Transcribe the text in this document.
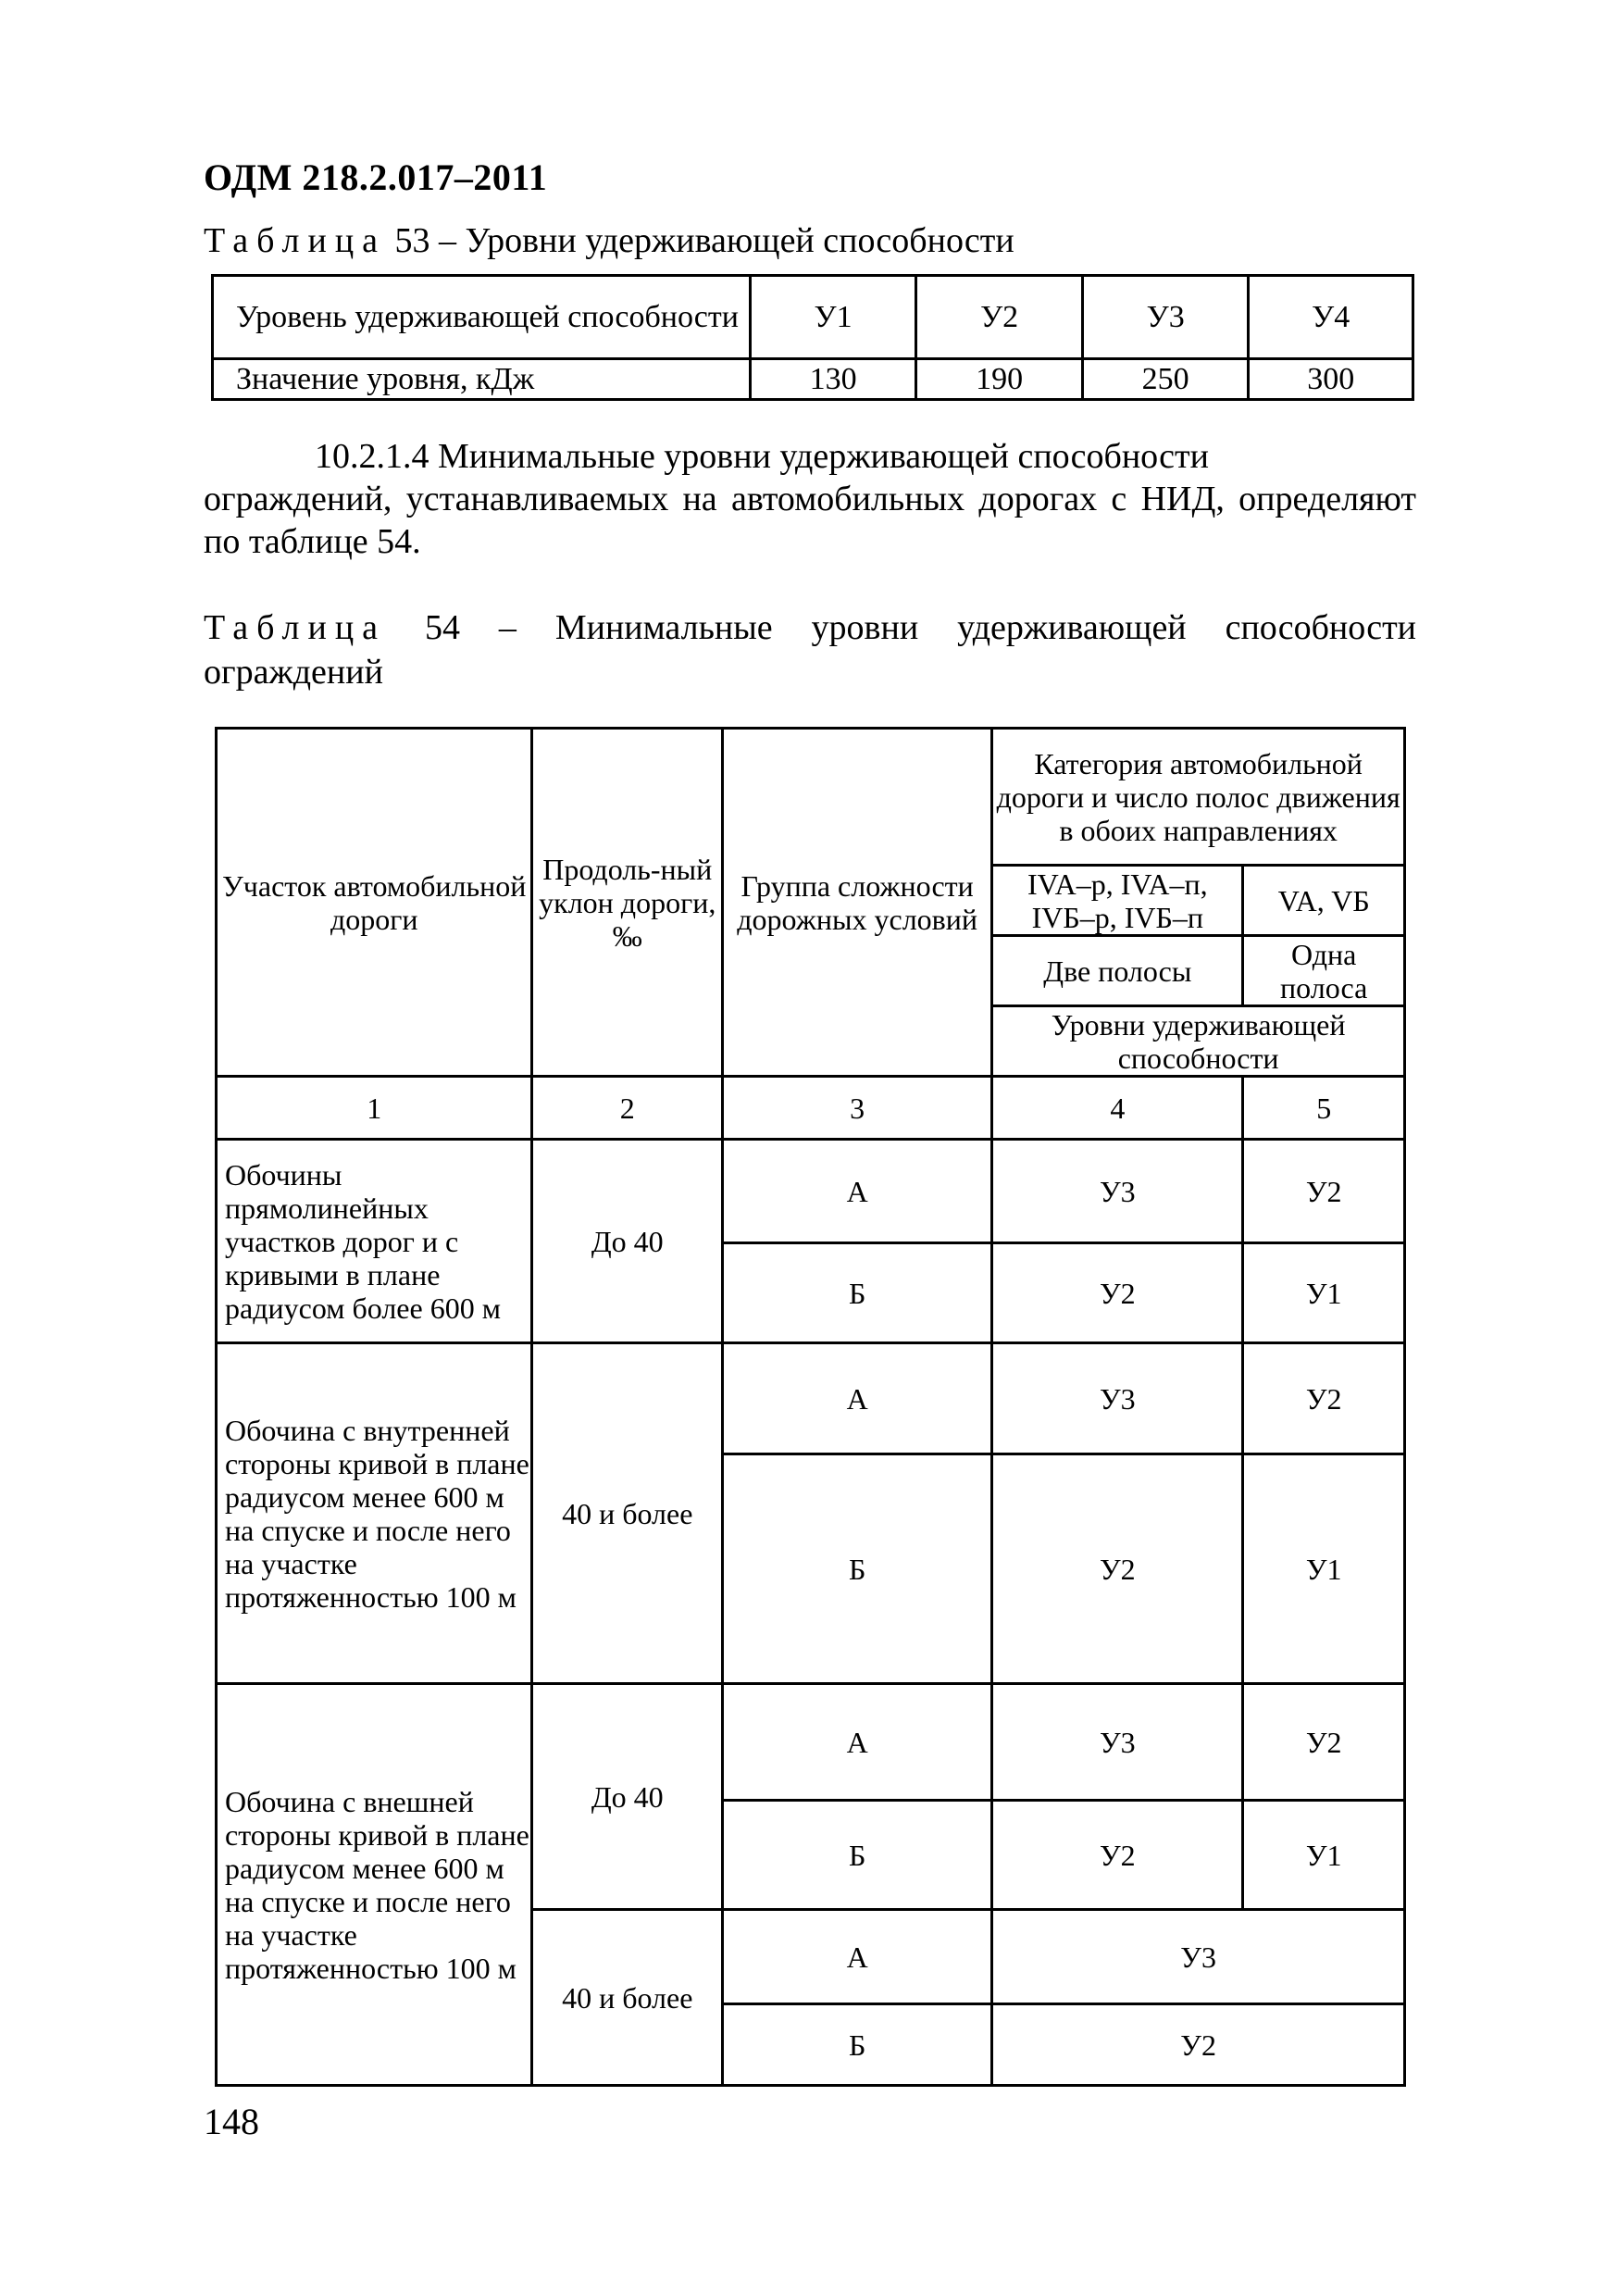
ОДМ 218.2.017–2011
Таблица 53 – Уровни удерживающей способности
Уровень удерживающей способности	У1	У2	У3	У4
Значение уровня, кДж	130	190	250	300
10.2.1.4 Минимальные уровни удерживающей способности
ограждений, устанавливаемых на автомобильных дорогах с НИД, определяют по таблице 54.
Таблица 54 – Минимальные уровни удерживающей способности ограждений
Участок автомобильной дороги	Продоль-ный уклон дороги, ‰	Группа сложности дорожных условий	Категория автомобильной дороги и число полос движения в обоих направлениях	
			IVA–р, IVA–п, IVБ–р, IVБ–п	VA, VБ
			Две полосы	Одна полоса
			Уровни удерживающей способности	
1	2	3	4	5
Обочины прямолинейных участков дорог и с кривыми в плане радиусом более 600 м	До 40	А	У3	У2
		Б	У2	У1
Обочина с внутренней стороны кривой в плане радиусом менее 600 м на спуске и после него на участке протяженностью 100 м	40 и более	А	У3	У2
		Б	У2	У1
Обочина с внешней стороны кривой в плане радиусом менее 600 м на спуске и после него на участке протяженностью 100 м	До 40	А	У3	У2
		Б	У2	У1
	40 и более	А	У3	
		Б	У2	
148
